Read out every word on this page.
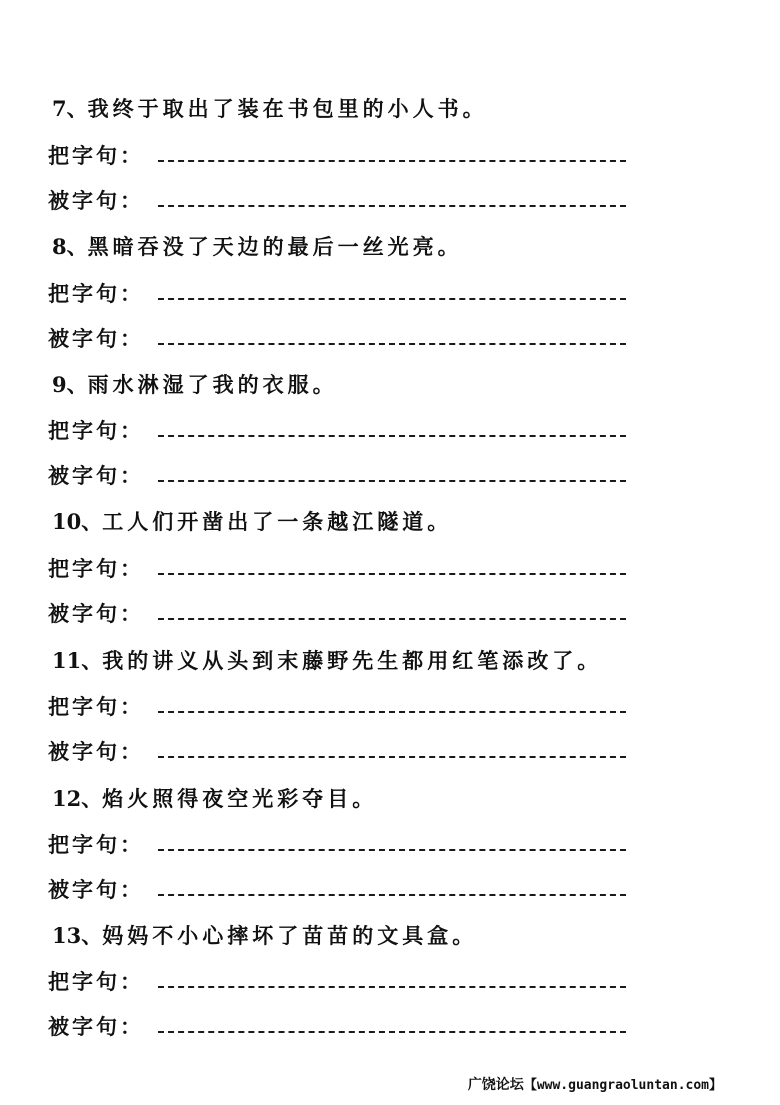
7、我终于取出了装在书包里的小人书。
把字句：
被字句：
8、黑暗吞没了天边的最后一丝光亮。
把字句：
被字句：
9、雨水淋湿了我的衣服。
把字句：
被字句：
10、工人们开凿出了一条越江隧道。
把字句：
被字句：
11、我的讲义从头到末藤野先生都用红笔添改了。
把字句：
被字句：
12、焰火照得夜空光彩夺目。
把字句：
被字句：
13、妈妈不小心摔坏了苗苗的文具盒。
把字句：
被字句：
广饶论坛【www.guangraoluntan.com】
